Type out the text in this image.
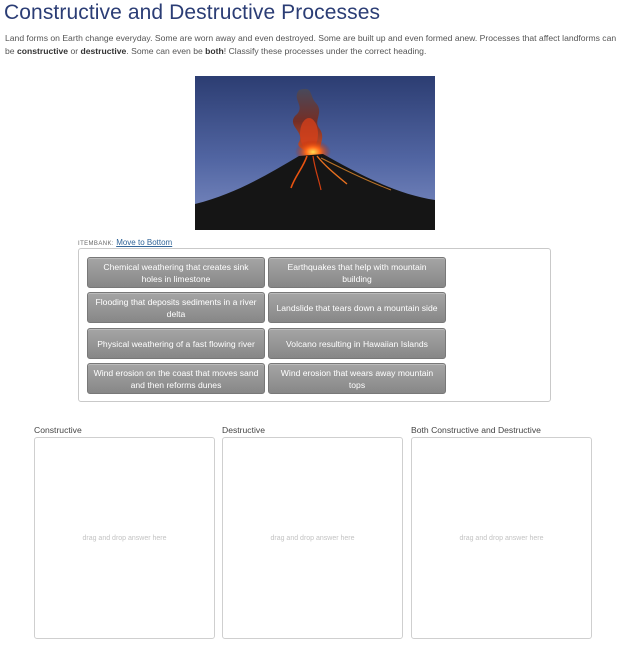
Constructive and Destructive Processes
Land forms on Earth change everyday. Some are worn away and even destroyed. Some are built up and even formed anew. Processes that affect landforms can be constructive or destructive. Some can even be both! Classify these processes under the correct heading.
ITEMBANK: Move to Bottom
Chemical weathering that creates sink holes in limestone
Earthquakes that help with mountain building
Flooding that deposits sediments in a river delta
Landslide that tears down a mountain side
Physical weathering of a fast flowing river	Volcano resulting in Hawaiian Islands
Wind erosion on the coast that moves sand and then reforms dunes
Wind erosion that wears away mountain tops
Constructive
drag and drop answer here
Destructive
drag and drop answer here
Both Constructive and Destructive
drag and drop answer here
